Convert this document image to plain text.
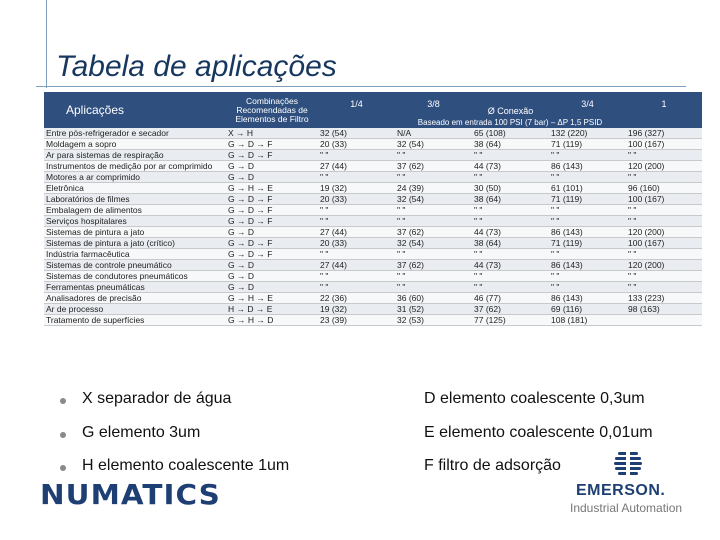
Tabela de aplicações
Aplicações	Combinações Recomendadas de Elementos de Filtro	1/4	3/8	Ø Conexão	3/4	1
		Baseado em entrada 100 PSI (7 bar) – ΔP 1,5 PSID				
Entre pós-refrigerador e secador	X → H	32 (54)	N/A	65 (108)	132 (220)	196 (327)
Moldagem a sopro	G → D → F	20 (33)	32 (54)	38 (64)	71 (119)	100 (167)
Ar para sistemas de respiração	G → D → F	" "	" "	" "	" "	" "
Instrumentos de medição por ar comprimido	G → D	27 (44)	37 (62)	44 (73)	86 (143)	120 (200)
Motores a ar comprimido	G → D	" "	" "	" "	" "	" "
Eletrônica	G → H → E	19 (32)	24 (39)	30 (50)	61 (101)	96 (160)
Laboratórios de filmes	G → D → F	20 (33)	32 (54)	38 (64)	71 (119)	100 (167)
Embalagem de alimentos	G → D → F	" "	" "	" "	" "	" "
Serviços hospitalares	G → D → F	" "	" "	" "	" "	" "
Sistemas de pintura a jato	G → D	27 (44)	37 (62)	44 (73)	86 (143)	120 (200)
Sistemas de pintura a jato (crítico)	G → D → F	20 (33)	32 (54)	38 (64)	71 (119)	100 (167)
Indústria farmacêutica	G → D → F	" "	" "	" "	" "	" "
Sistemas de controle pneumático	G → D	27 (44)	37 (62)	44 (73)	86 (143)	120 (200)
Sistemas de condutores pneumáticos	G → D	" "	" "	" "	" "	" "
Ferramentas pneumáticas	G → D	" "	" "	" "	" "	" "
Analisadores de precisão	G → H → E	22 (36)	36 (60)	46 (77)	86 (143)	133 (223)
Ar de processo	H → D → E	19 (32)	31 (52)	37 (62)	69 (116)	98 (163)
Tratamento de superfícies	G → H → D	23 (39)	32 (53)	77 (125)	108 (181)	
X separador de água	D elemento coalescente 0,3um
G elemento 3um	E elemento coalescente 0,01um
H elemento coalescente 1um	F filtro de adsorção
NUMATICS	EMERSON.
Industrial Automation
